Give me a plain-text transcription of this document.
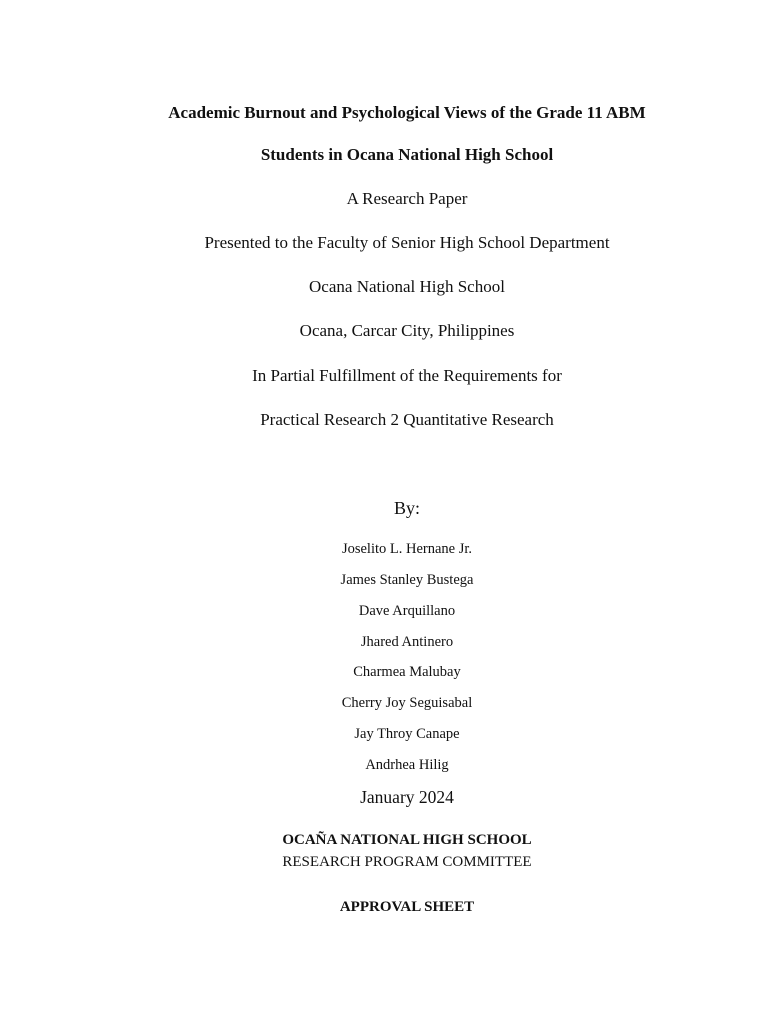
Academic Burnout and Psychological Views of the Grade 11 ABM
Students in Ocana National High School
A Research Paper
Presented to the Faculty of Senior High School Department
Ocana National High School
Ocana, Carcar City, Philippines
In Partial Fulfillment of the Requirements for
Practical Research 2 Quantitative Research
By:
Joselito L. Hernane Jr.
James Stanley Bustega
Dave Arquillano
Jhared Antinero
Charmea Malubay
Cherry Joy Seguisabal
Jay Throy Canape
Andrhea Hilig
January 2024
OCAÑA NATIONAL HIGH SCHOOL
RESEARCH PROGRAM COMMITTEE
APPROVAL SHEET
